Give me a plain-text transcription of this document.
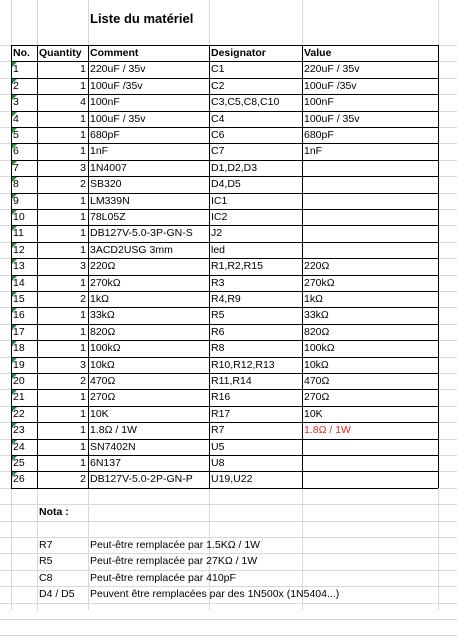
Liste du matériel
Nota :
No. Quantity Comment	Designator	Value
1	1 220uF / 35v	C1	220uF / 35v
2	1 100uF /35v	C2	100uF /35v
3	4 100nF	C3,C5,C8,C10	100nF
4	1 100uF / 35v	C4	100uF / 35v
5	1 680pF	C6	680pF
6	1 1nF	C7	1nF
7	3 1N4007	D1,D2,D3
8	2 SB320	D4,D5
9	1 LM339N	IC1
10	1 78L05Z	IC2
11	1 DB127V-5.0-3P-GN-S	J2
12	1 3ACD2USG 3mm	led
13	3 220Ω	R1,R2,R15	220Ω
14	1 270kΩ	R3	270kΩ
15	2 1kΩ	R4,R9	1kΩ
16	1 33kΩ	R5	33kΩ
17	1 820Ω	R6	820Ω
18	1 100kΩ	R8	100kΩ
19	3 10kΩ	R10,R12,R13	10kΩ
20	2 470Ω	R11,R14	470Ω
21	1 270Ω	R16	270Ω
22	1 10K	R17	10K
23	1 1.8Ω / 1W	R7	1.8Ω / 1W
24	1 SN7402N	U5
25	1 6N137	U8
26	2 DB127V-5.0-2P-GN-P	U19,U22
R7	Peut-être remplacée par 1.5KΩ / 1W
R5	Peut-être remplacée par 27KΩ / 1W
C8	Peut-être remplacée par 410pF
D4 / D5	Peuvent être remplacées par des 1N500x (1N5404...)
